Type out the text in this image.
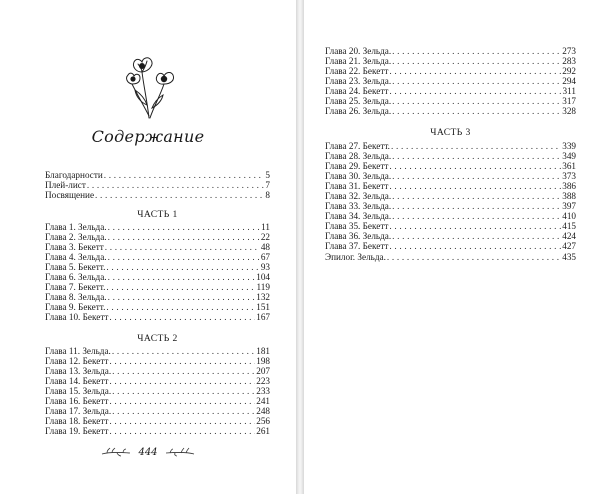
Содержание
Благодарности . . .	5
Плей-лист . . .	7
Посвящение . . .	8
ЧАСТЬ 1
Глава 1. Зельда. . . .	11
Глава 2. Зельда. . . .	22
Глава 3. Бекетт . . .	48
Глава 4. Зельда. . . .	67
Глава 5. Бекетт. . . .	93
Глава 6. Зельда. . . .	104
Глава 7. Бекетт. . . .	119
Глава 8. Зельда. . . .	132
Глава 9. Бекетт. . . .	151
Глава 10. Бекетт . . .	167
ЧАСТЬ 2
Глава 11. Зельда. . . .	181
Глава 12. Бекетт . . .	198
Глава 13. Зельда. . . .	207
Глава 14. Бекетт . . .	223
Глава 15. Зельда. . . .	233
Глава 16. Бекетт . . .	241
Глава 17. Зельда. . . .	248
Глава 18. Бекетт . . .	256
Глава 19. Бекетт . . .	261
444
Глава 20. Зельда. . . .	273
Глава 21. Зельда. . . .	283
Глава 22. Бекетт . . .	292
Глава 23. Зельда. . . .	294
Глава 24. Бекетт . . .	311
Глава 25. Зельда. . . .	317
Глава 26. Зельда. . . .	328
ЧАСТЬ 3
Глава 27. Бекетт. . . .	339
Глава 28. Зельда. . . .	349
Глава 29. Бекетт . . .	361
Глава 30. Зельда. . . .	373
Глава 31. Бекетт . . .	386
Глава 32. Зельда. . . .	388
Глава 33. Зельда. . . .	397
Глава 34. Зельда. . . .	410
Глава 35. Бекетт . . .	415
Глава 36. Зельда. . . .	424
Глава 37. Бекетт . . .	427
Эпилог. Зельда. . . .	435
